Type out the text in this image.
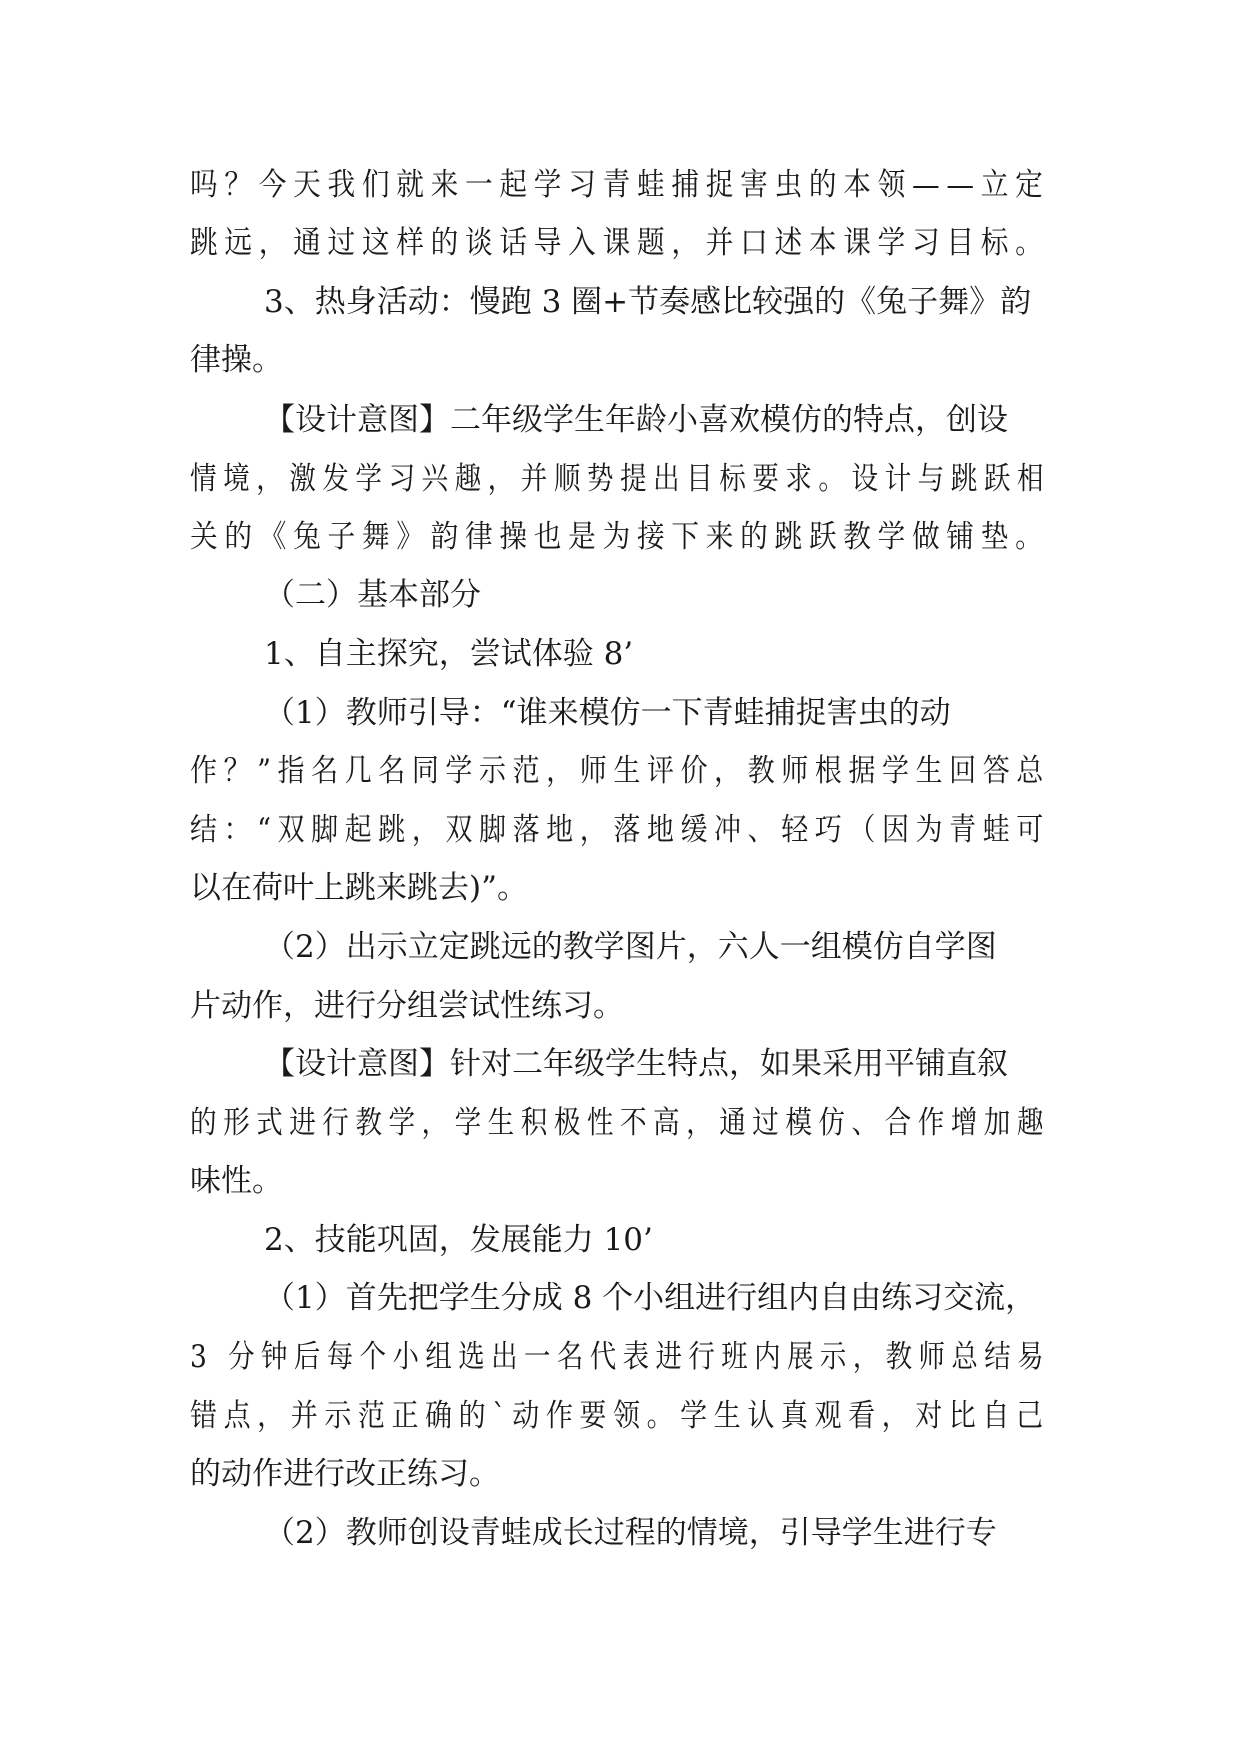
吗？今天我们就来一起学习青蛙捕捉害虫的本领——立定
跳远，通过这样的谈话导入课题，并口述本课学习目标。
3、热身活动：慢跑 3 圈+节奏感比较强的《兔子舞》韵
律操。
【设计意图】二年级学生年龄小喜欢模仿的特点，创设
情境，激发学习兴趣，并顺势提出目标要求。设计与跳跃相
关的《兔子舞》韵律操也是为接下来的跳跃教学做铺垫。
（二）基本部分
1、自主探究，尝试体验 8’
（1）教师引导：“谁来模仿一下青蛙捕捉害虫的动
作？”指名几名同学示范，师生评价，教师根据学生回答总
结：“双脚起跳，双脚落地，落地缓冲、轻巧（因为青蛙可
以在荷叶上跳来跳去)”。
（2）出示立定跳远的教学图片，六人一组模仿自学图
片动作，进行分组尝试性练习。
【设计意图】针对二年级学生特点，如果采用平铺直叙
的形式进行教学，学生积极性不高，通过模仿、合作增加趣
味性。
2、技能巩固，发展能力 10’
（1）首先把学生分成 8 个小组进行组内自由练习交流，
3 分钟后每个小组选出一名代表进行班内展示，教师总结易
错点，并示范正确的`动作要领。学生认真观看，对比自己
的动作进行改正练习。
（2）教师创设青蛙成长过程的情境，引导学生进行专
